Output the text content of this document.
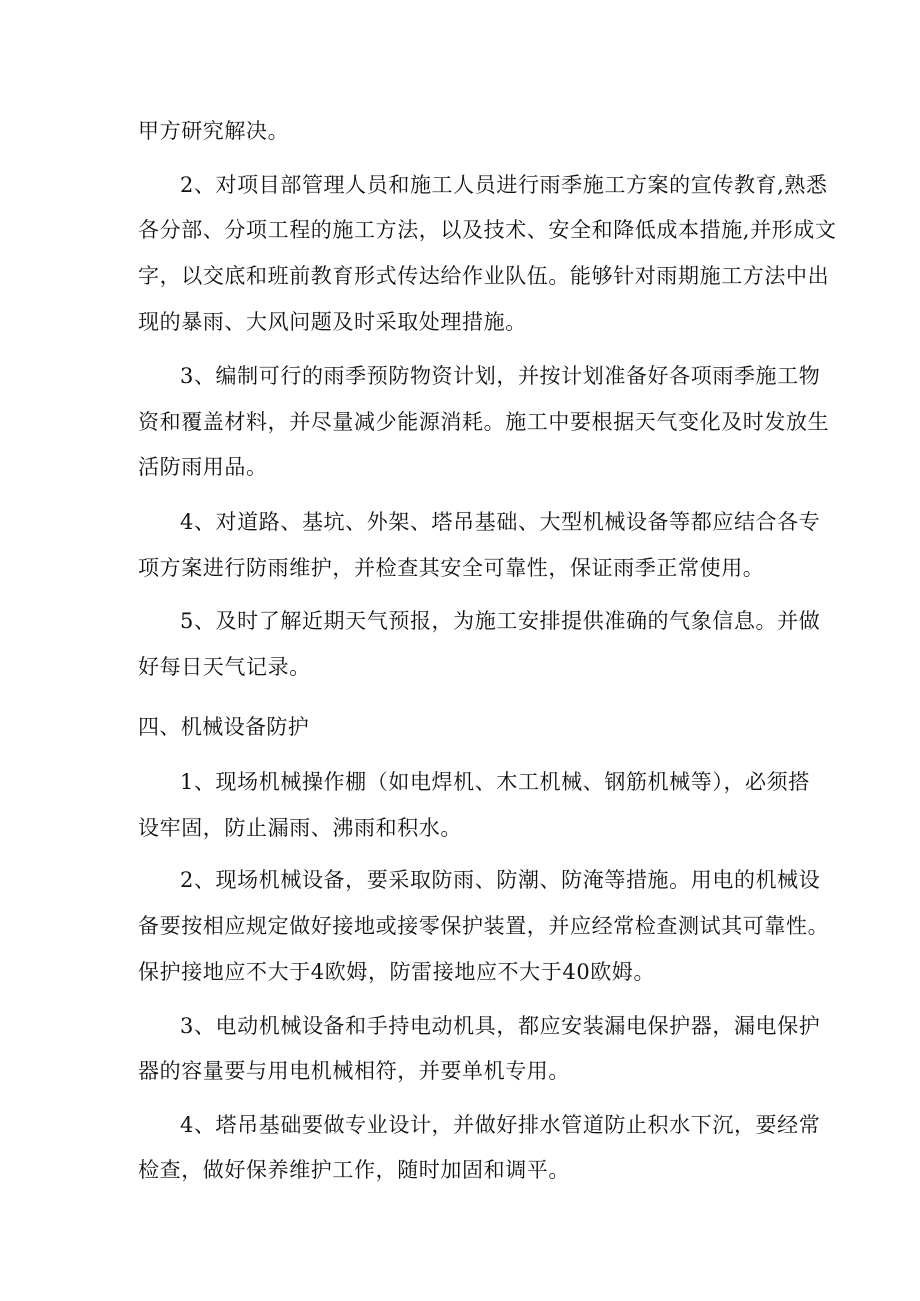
甲方研究解决。
2、对项目部管理人员和施工人员进行雨季施工方案的宣传教育,熟悉
各分部、分项工程的施工方法，以及技术、安全和降低成本措施,并形成文
字，以交底和班前教育形式传达给作业队伍。能够针对雨期施工方法中出
现的暴雨、大风问题及时采取处理措施。
3、编制可行的雨季预防物资计划，并按计划准备好各项雨季施工物
资和覆盖材料，并尽量减少能源消耗。施工中要根据天气变化及时发放生
活防雨用品。
4、对道路、基坑、外架、塔吊基础、大型机械设备等都应结合各专
项方案进行防雨维护，并检查其安全可靠性，保证雨季正常使用。
5、及时了解近期天气预报，为施工安排提供准确的气象信息。并做
好每日天气记录。
四、机械设备防护
1、现场机械操作棚（如电焊机、木工机械、钢筋机械等），必须搭
设牢固，防止漏雨、沸雨和积水。
2、现场机械设备，要采取防雨、防潮、防淹等措施。用电的机械设
备要按相应规定做好接地或接零保护装置，并应经常检查测试其可靠性。
保护接地应不大于4欧姆，防雷接地应不大于40欧姆。
3、电动机械设备和手持电动机具，都应安装漏电保护器，漏电保护
器的容量要与用电机械相符，并要单机专用。
4、塔吊基础要做专业设计，并做好排水管道防止积水下沉，要经常
检查，做好保养维护工作，随时加固和调平。
